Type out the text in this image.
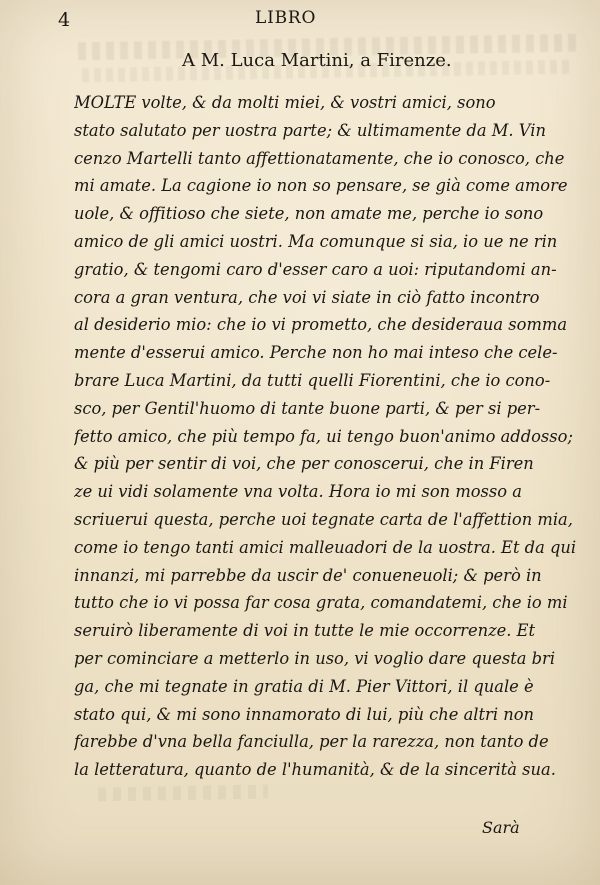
4	LIBRO
A M. Luca Martini, a Firenze.
MOLTE volte, & da molti miei, & vostri amici, sono
stato salutato per uostra parte; & ultimamente da M. Vin
cenzo Martelli tanto affettionatamente, che io conosco, che
mi amate. La cagione io non so pensare, se già come amore
uole, & offitioso che siete, non amate me, perche io sono
amico de gli amici uostri. Ma comunque si sia, io ue ne rin
gratio, & tengomi caro d'esser caro a uoi: riputandomi an-
cora a gran ventura, che voi vi siate in ciò fatto incontro
al desiderio mio: che io vi prometto, che desideraua somma
mente d'esserui amico. Perche non ho mai inteso che cele-
brare Luca Martini, da tutti quelli Fiorentini, che io cono-
sco, per Gentil'huomo di tante buone parti, & per si per-
fetto amico, che più tempo fa, ui tengo buon'animo addosso;
& più per sentir di voi, che per conoscerui, che in Firen
ze ui vidi solamente vna volta. Hora io mi son mosso a
scriuerui questa, perche uoi tegnate carta de l'affettion mia,
come io tengo tanti amici malleuadori de la uostra. Et da qui
innanzi, mi parrebbe da uscir de' conueneuoli; & però in
tutto che io vi possa far cosa grata, comandatemi, che io mi
seruirò liberamente di voi in tutte le mie occorrenze. Et
per cominciare a metterlo in uso, vi voglio dare questa bri
ga, che mi tegnate in gratia di M. Pier Vittori, il quale è
stato qui, & mi sono innamorato di lui, più che altri non
farebbe d'vna bella fanciulla, per la rarezza, non tanto de
la letteratura, quanto de l'humanità, & de la sincerità sua.
Sarà
